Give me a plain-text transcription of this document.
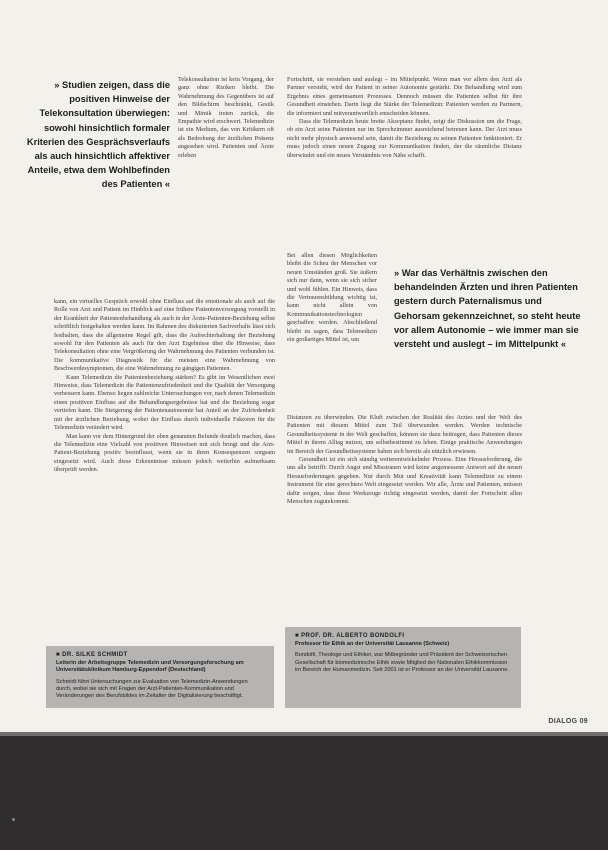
» Studien zeigen, dass die positiven Hinweise der Telekonsultation überwiegen: sowohl hinsichtlich formaler Kriterien des Gesprächsverlaufs als auch hinsichtlich affektiver Anteile, etwa dem Wohlbefinden des Patienten «

Telekonsultation ist kein Vorgang, der ganz ohne Risiken bleibt. Die Wahrnehmung des Gegenübers ist auf den Bildschirm beschränkt, Gestik und Mimik treten zurück, die Empathie wird erschwert. Telemedizin ist ein Medium, das von Kritikern oft als Bedrohung der ärztlichen Präsenz angesehen wird. Patienten und Ärzte erleben

kann, ein virtuelles Gespräch sowohl ohne Einfluss auf die emotionale als auch auf die Rolle von Arzt und Patient im Hinblick auf eine frühere Patientenversorgung vorstellt in der Krankheit der Patientenbehandlung als auch in der Ärzte-Patienten-Beziehung selbst schriftlich festgehalten werden kann. Im Rahmen des diskutierten Sachverhalts lässt sich festhalten, dass die allgemeine Regel gilt, dass die Aufrechterhaltung der Beziehung sowohl für den Patienten als auch für den Arzt Ergebnisse über die Hinweise, dass Telekonsultation ohne eine Vergrößerung der Wahrnehmung des Patienten verbunden ist. Die kommunikative Diagnostik für die meisten eine Wahrnehmung von Beschwerdesymptomen, die eine Wahrnehmung zu gängigen Patienten.

Kann Telemedizin die Patientenbeziehung stärken? Es gibt im Wesentlichen zwei Hinweise, dass Telemedizin die Patientenzufriedenheit und die Qualität der Versorgung verbessern kann. Ebenso liegen zahlreiche Untersuchungen vor, nach denen Telemedizin einen positiven Einfluss auf die Behandlungsergebnisse hat und die Beziehung sogar vertiefen kann. Die Steigerung der Patientenautonomie hat Anteil an der Zufriedenheit mit der ärztlichen Beziehung, wobei der Einfluss durch individuelle Faktoren für die Telemedizin verändert wird.

Man kann vor dem Hintergrund der oben genannten Befunde deutlich machen, dass die Telemedizin eine Vielzahl von positiven Hinweisen mit sich bringt und die Arzt-Patient-Beziehung positiv beeinflusst, wenn sie in ihren Konsequenzen sorgsam eingesetzt wird. Auch diese Erkenntnisse müssen jedoch weiterhin aufmerksam überprüft werden.

Fortschritt, sie verstehen und auslegt – im Mittelpunkt. Wenn man vor allem den Arzt als Partner versteht, wird der Patient in seiner Autonomie gestärkt. Die Behandlung wird zum Ergebnis eines gemeinsamen Prozesses. Dennoch müssen die Patienten selbst für ihre Gesundheit einstehen. Darin liegt die Stärke der Telemedizin: Patienten werden zu Partnern, die informiert und mitverantwortlich entscheiden können.

Dass die Telemedizin heute breite Akzeptanz findet, zeigt die Diskussion um die Frage, ob ein Arzt seine Patienten nur im Sprechzimmer ausreichend betreuen kann. Der Arzt muss nicht mehr physisch anwesend sein, damit die Beziehung zu seinen Patienten funktioniert. Er muss jedoch einen neuen Zugang zur Kommunikation finden, der die räumliche Distanz überwindet und ein neues Verständnis von Nähe schafft.

Bei allen diesen Möglichkeiten bleibt die Scheu der Menschen vor neuen Umständen groß. Sie äußern sich nur dann, wenn sie sich sicher und wohl fühlen. Ein Hinweis, dass die Vertrauensbildung wichtig ist, kann nicht allein von Kommunikationstechnologien geschaffen werden. Abschließend bleibt zu sagen, dass Telemedizin ein großartiges Mittel ist, um

» War das Verhältnis zwischen den behandelnden Ärzten und ihren Patienten gestern durch Paternalismus und Gehorsam gekennzeichnet, so steht heute vor allem Autonomie – wie immer man sie versteht und auslegt – im Mittelpunkt «

Distanzen zu überwinden. Die Kluft zwischen der Realität des Arztes und der Welt des Patienten mit diesem Mittel zum Teil überwunden werden. Werden technische Gesundheitssysteme in der Welt geschaffen, können sie dazu beitragen, dass Patienten dieses Mittel in ihrem Alltag nutzen, um selbstbestimmt zu leben. Einige praktische Anwendungen im Bereich der Gesundheitssysteme haben sich bereits als nützlich erwiesen.

Gesundheit ist ein sich ständig weiterentwickelnder Prozess. Eine Herausforderung, die uns alle betrifft: Durch Angst und Misstrauen wird keine angemessene Antwort auf die neuen Herausforderungen gegeben. Nur durch Mut und Kreativität kann Telemedizin zu einem Instrument für eine gerechtere Welt eingesetzt werden. Wir alle, Ärzte und Patienten, müssen dafür sorgen, dass diese Werkzeuge richtig eingesetzt werden, damit der Fortschritt allen Menschen zugutekommt.

■ DR. SILKE SCHMIDT
Leiterin der Arbeitsgruppe Telemedizin und Versorgungsforschung am Universitätsklinikum Hamburg-Eppendorf (Deutschland)
Schmidt führt Untersuchungen zur Evaluation von Telemedizin-Anwendungen durch, wobei sie sich mit Fragen der Arzt-Patienten-Kommunikation und Veränderungen des Berufsbildes im Zeitalter der Digitalisierung beschäftigt.
■ PROF. DR. ALBERTO BONDOLFI
Professor für Ethik an der Universität Lausanne (Schweiz)
Bondolfi, Theologe und Ethiker, war Mitbegründer und Präsident der Schweizerischen Gesellschaft für biomedizinische Ethik sowie Mitglied der Nationalen Ethikkommission im Bereich der Humanmedizin. Seit 2001 ist er Professor an der Universität Lausanne.
DIALOG 09
